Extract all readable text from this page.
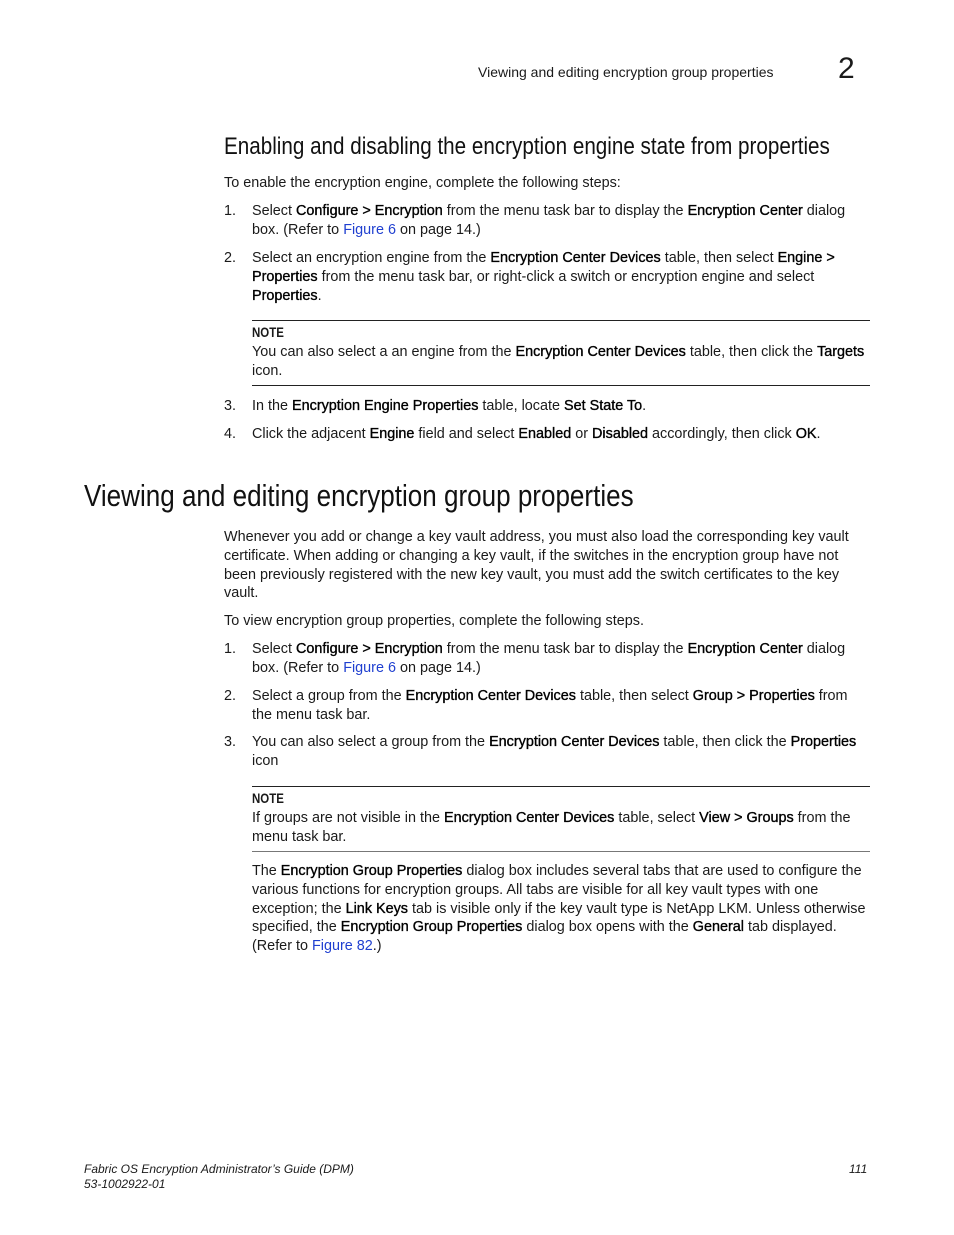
Viewing and editing encryption group properties 2
Enabling and disabling the encryption engine state from properties
To enable the encryption engine, complete the following steps:
1. Select Configure > Encryption from the menu task bar to display the Encryption Center dialog box. (Refer to Figure 6 on page 14.)
2. Select an encryption engine from the Encryption Center Devices table, then select Engine > Properties from the menu task bar, or right-click a switch or encryption engine and select Properties.
NOTE
You can also select a an engine from the Encryption Center Devices table, then click the Targets icon.
3. In the Encryption Engine Properties table, locate Set State To.
4. Click the adjacent Engine field and select Enabled or Disabled accordingly, then click OK.
Viewing and editing encryption group properties
Whenever you add or change a key vault address, you must also load the corresponding key vault certificate. When adding or changing a key vault, if the switches in the encryption group have not been previously registered with the new key vault, you must add the switch certificates to the key vault.
To view encryption group properties, complete the following steps.
1. Select Configure > Encryption from the menu task bar to display the Encryption Center dialog box. (Refer to Figure 6 on page 14.)
2. Select a group from the Encryption Center Devices table, then select Group > Properties from the menu task bar.
3. You can also select a group from the Encryption Center Devices table, then click the Properties icon
NOTE
If groups are not visible in the Encryption Center Devices table, select View > Groups from the menu task bar.
The Encryption Group Properties dialog box includes several tabs that are used to configure the various functions for encryption groups. All tabs are visible for all key vault types with one exception; the Link Keys tab is visible only if the key vault type is NetApp LKM. Unless otherwise specified, the Encryption Group Properties dialog box opens with the General tab displayed. (Refer to Figure 82.)
Fabric OS Encryption Administrator’s Guide (DPM)
53-1002922-01
111
